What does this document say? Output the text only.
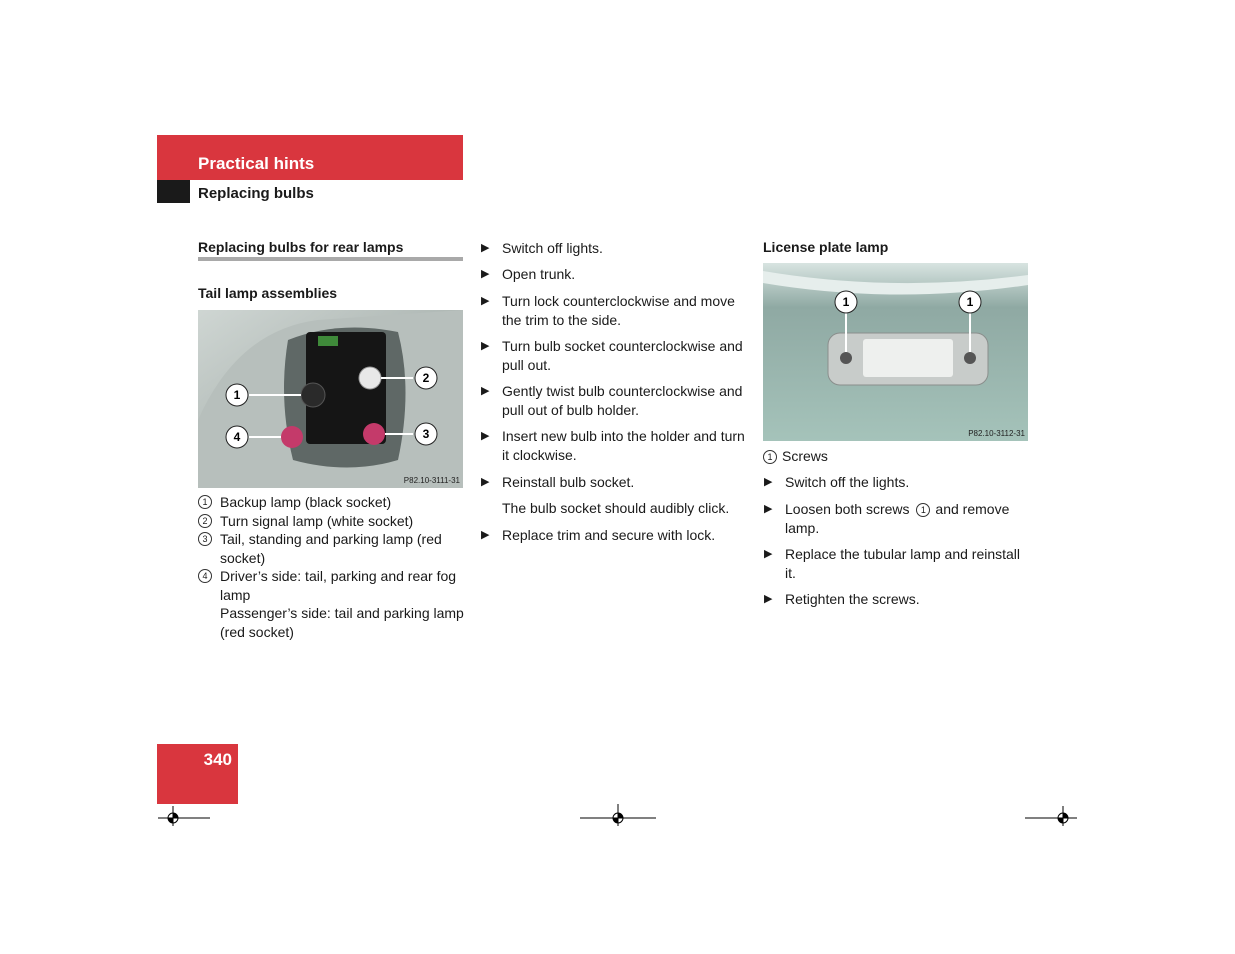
Practical hints
Replacing bulbs
Replacing bulbs for rear lamps
Tail lamp assemblies
1
2
3
4
P82.10-3111-31
1 Backup lamp (black socket)
2 Turn signal lamp (white socket)
3 Tail, standing and parking lamp (red
socket)
4 Driver’s side: tail, parking and rear fog
lamp
Passenger’s side: tail and parking lamp
(red socket)
▶ Switch off lights.
▶ Open trunk.
▶ Turn lock counterclockwise and move
the trim to the side.
▶ Turn bulb socket counterclockwise and
pull out.
▶ Gently twist bulb counterclockwise and
pull out of bulb holder.
▶ Insert new bulb into the holder and turn
it clockwise.
▶ Reinstall bulb socket.
The bulb socket should audibly click.
▶ Replace trim and secure with lock.
License plate lamp
1	1
P82.10-3112-31
1 Screws
▶ Switch off the lights.
▶ Loosen both screws 1 and remove
lamp.
▶ Replace the tubular lamp and reinstall
it.
▶ Retighten the screws.
340
